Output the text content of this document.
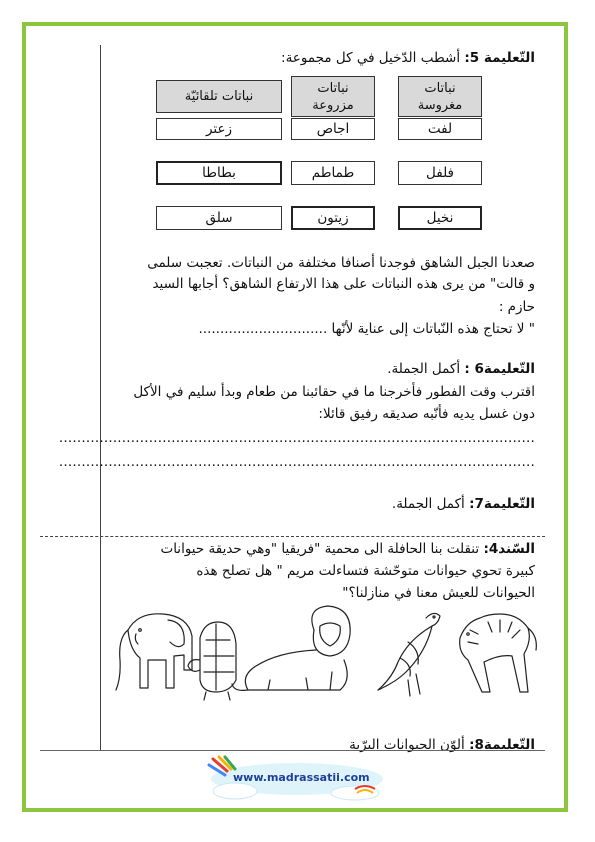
التّعليمة 5: أشطب الدّخيل في كل مجموعة:
نباتات
مغروسة
نباتات
مزروعة
نباتات تلقائيّة
لفت
اجاص
زعتر
فلفل
طماطم
بطاطا
نخيل
زيتون
سلق
صعدنا الجبل الشاهق فوجدنا أصنافا مختلفة من النباتات. تعجبت سلمى
و قالت" من يرى هذه النباتات على هذا الارتفاع الشاهق؟ أجابها السيد
حازم :
" لا تحتاج هذه النّباتات إلى عناية لأنّها ..............................
التّعليمة6 : أكمل الجملة.
اقترب وقت الفطور فأخرجنا ما في حقائبنا من طعام وبدأ سليم في الأكل
دون غسل يديه فأنّبه صديقه رفيق قائلا:
..........................................................................................................
..........................................................................................................
التّعليمة7: أكمل الجملة.
السّند4: تنقلت بنا الحافلة الى محمية "فريقيا "وهي حديقة حيوانات
كبيرة تحوي حيوانات متوحّشة فتساءلت مريم " هل تصلح هذه
الحيوانات للعيش معنا في منازلنا؟"
التّعليمة8: ألوّن الحيوانات البرّية
www.madrassatii.com
